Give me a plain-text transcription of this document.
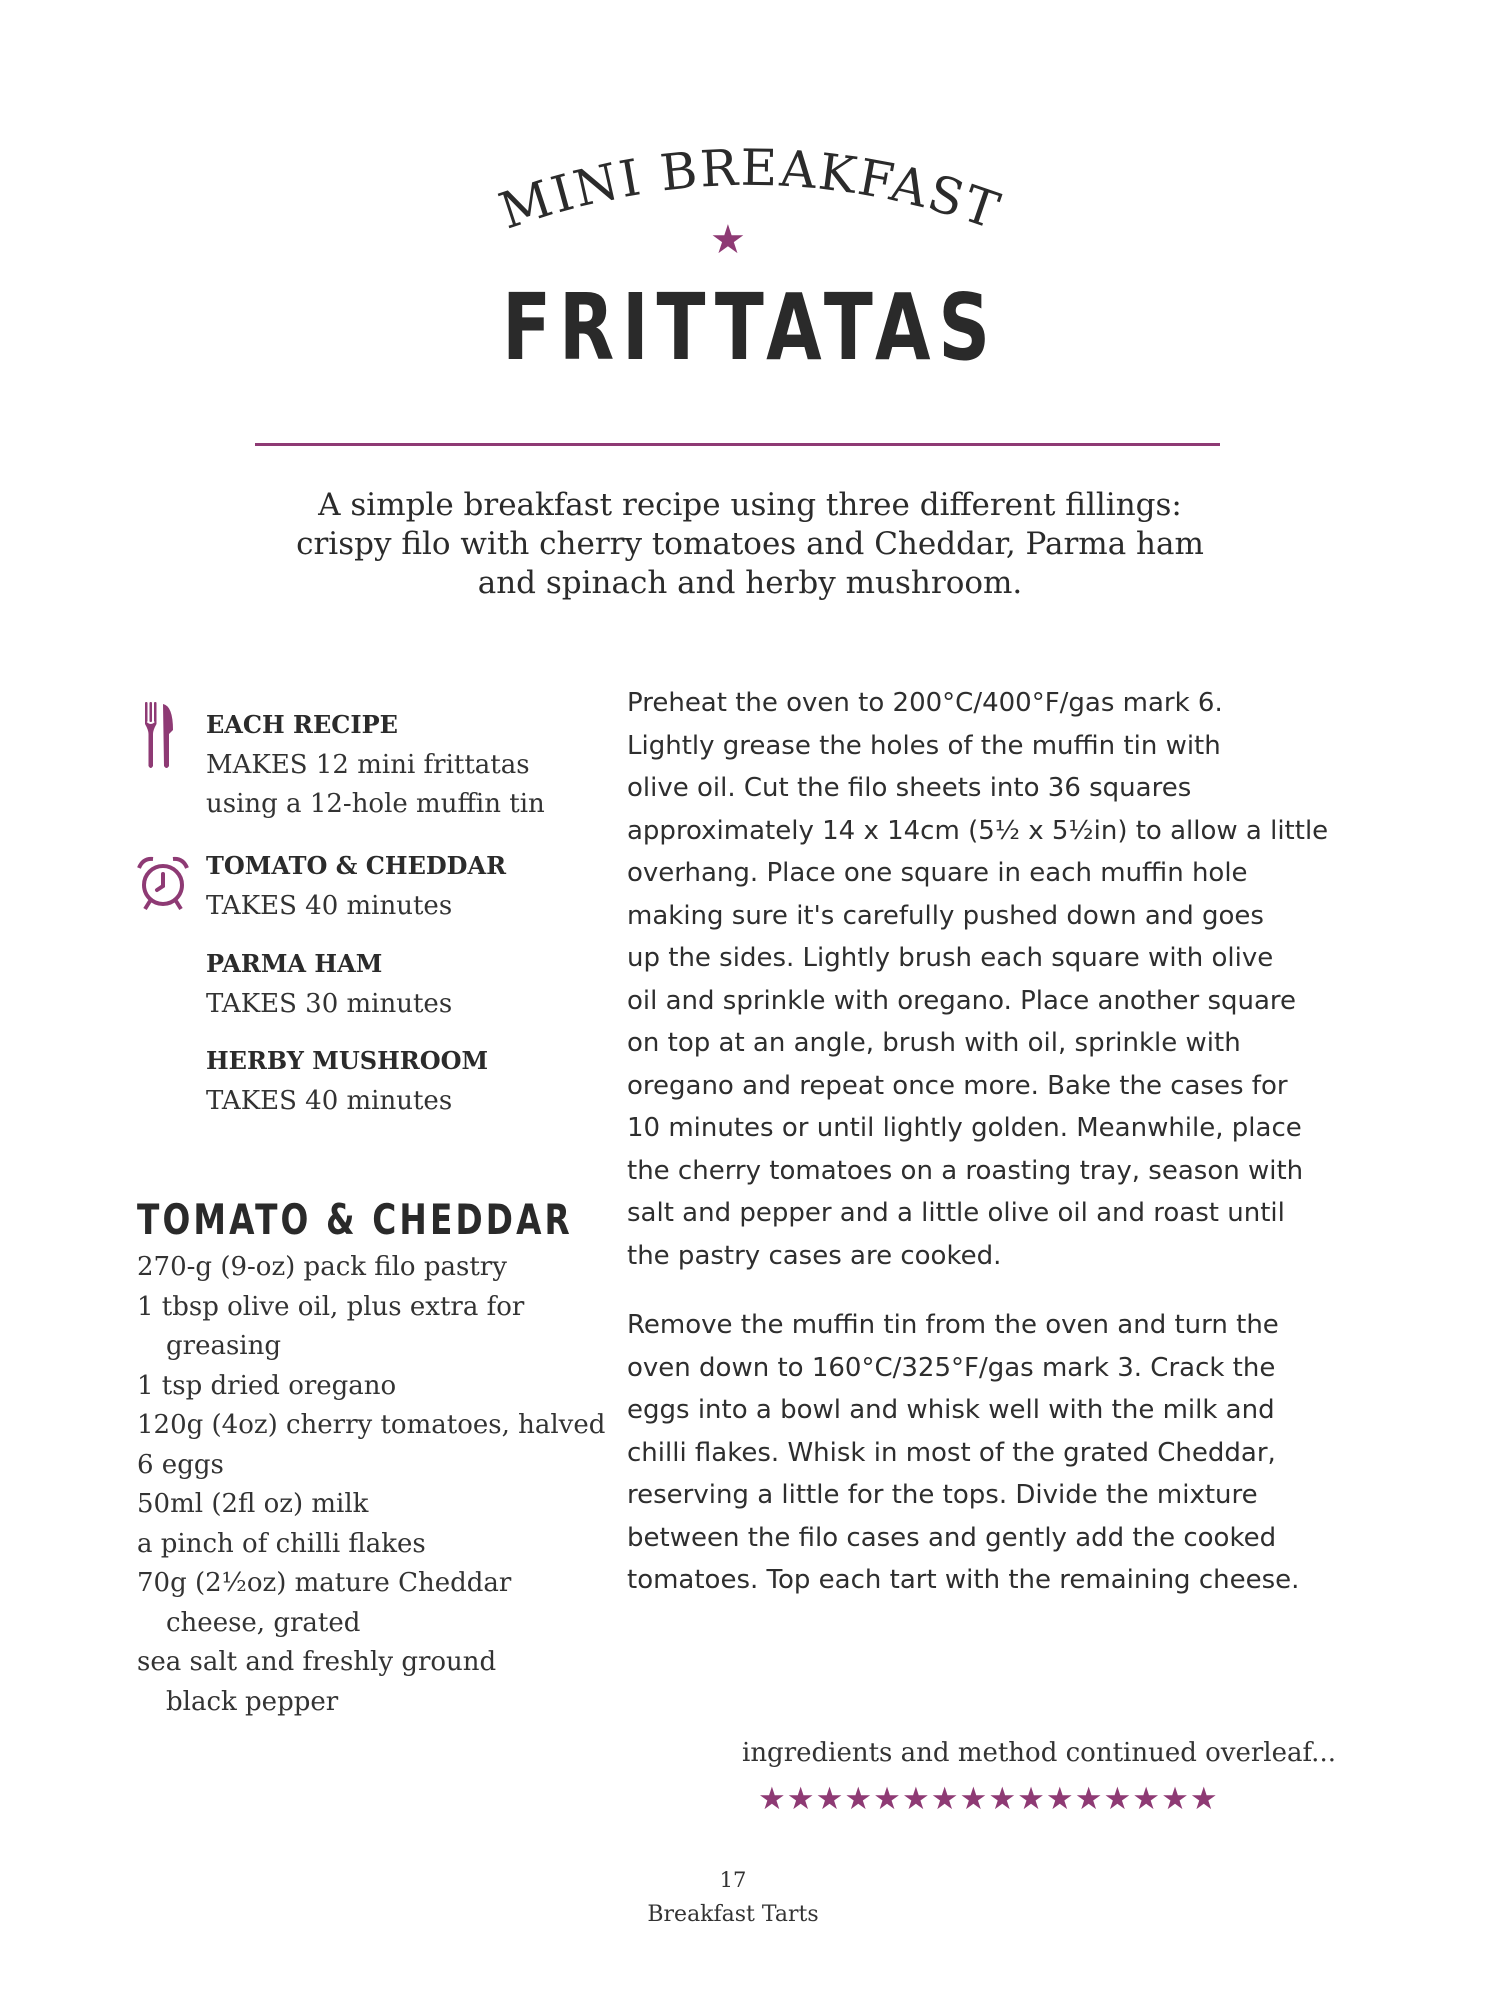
MINI BREAKFAST
★
FRITTATAS
A simple breakfast recipe using three different fillings:
crispy filo with cherry tomatoes and Cheddar, Parma ham
and spinach and herby mushroom.
EACH RECIPE
MAKES 12 mini frittatas
using a 12-hole muffin tin
TOMATO & CHEDDAR
TAKES 40 minutes
PARMA HAM
TAKES 30 minutes
HERBY MUSHROOM
TAKES 40 minutes
TOMATO & CHEDDAR
270-g (9-oz) pack filo pastry
1 tbsp olive oil, plus extra for
greasing
1 tsp dried oregano
120g (4oz) cherry tomatoes, halved
6 eggs
50ml (2fl oz) milk
a pinch of chilli flakes
70g (2½oz) mature Cheddar
cheese, grated
sea salt and freshly ground
black pepper
Preheat the oven to 200°C/400°F/gas mark 6.
Lightly grease the holes of the muffin tin with
olive oil. Cut the filo sheets into 36 squares
approximately 14 x 14cm (5½ x 5½in) to allow a little
overhang. Place one square in each muffin hole
making sure it's carefully pushed down and goes
up the sides. Lightly brush each square with olive
oil and sprinkle with oregano. Place another square
on top at an angle, brush with oil, sprinkle with
oregano and repeat once more. Bake the cases for
10 minutes or until lightly golden. Meanwhile, place
the cherry tomatoes on a roasting tray, season with
salt and pepper and a little olive oil and roast until
the pastry cases are cooked.
Remove the muffin tin from the oven and turn the
oven down to 160°C/325°F/gas mark 3. Crack the
eggs into a bowl and whisk well with the milk and
chilli flakes. Whisk in most of the grated Cheddar,
reserving a little for the tops. Divide the mixture
between the filo cases and gently add the cooked
tomatoes. Top each tart with the remaining cheese.
ingredients and method continued overleaf...
★★★★★★★★★★★★★★★★
17
Breakfast Tarts
